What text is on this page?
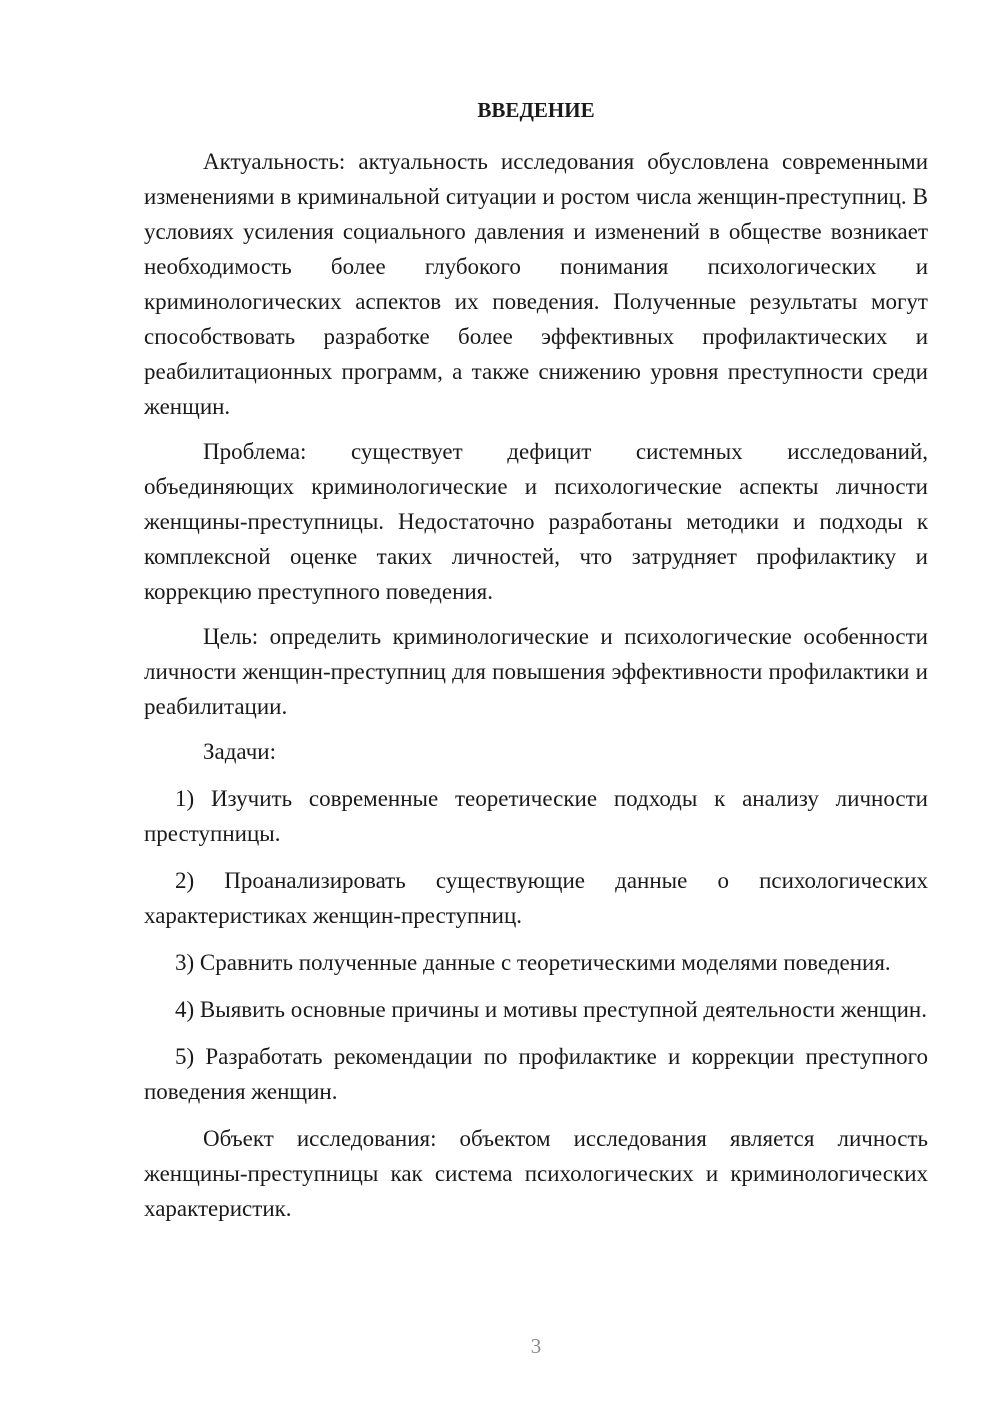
ВВЕДЕНИЕ

Актуальность: актуальность исследования обусловлена современными изменениями в криминальной ситуации и ростом числа женщин-преступниц. В условиях усиления социального давления и изменений в обществе возникает необходимость более глубокого понимания психологических и криминологических аспектов их поведения. Полученные результаты могут способствовать разработке более эффективных профилактических и реабилитационных программ, а также снижению уровня преступности среди женщин.

Проблема: существует дефицит системных исследований, объединяющих криминологические и психологические аспекты личности женщины-преступницы. Недостаточно разработаны методики и подходы к комплексной оценке таких личностей, что затрудняет профилактику и коррекцию преступного поведения.

Цель: определить криминологические и психологические особенности личности женщин-преступниц для повышения эффективности профилактики и реабилитации.

Задачи:

1) Изучить современные теоретические подходы к анализу личности преступницы.

2) Проанализировать существующие данные о психологических характеристиках женщин-преступниц.

3) Сравнить полученные данные с теоретическими моделями поведения.

4) Выявить основные причины и мотивы преступной деятельности женщин.

5) Разработать рекомендации по профилактике и коррекции преступного поведения женщин.

Объект исследования: объектом исследования является личность женщины-преступницы как система психологических и криминологических характеристик.

3
